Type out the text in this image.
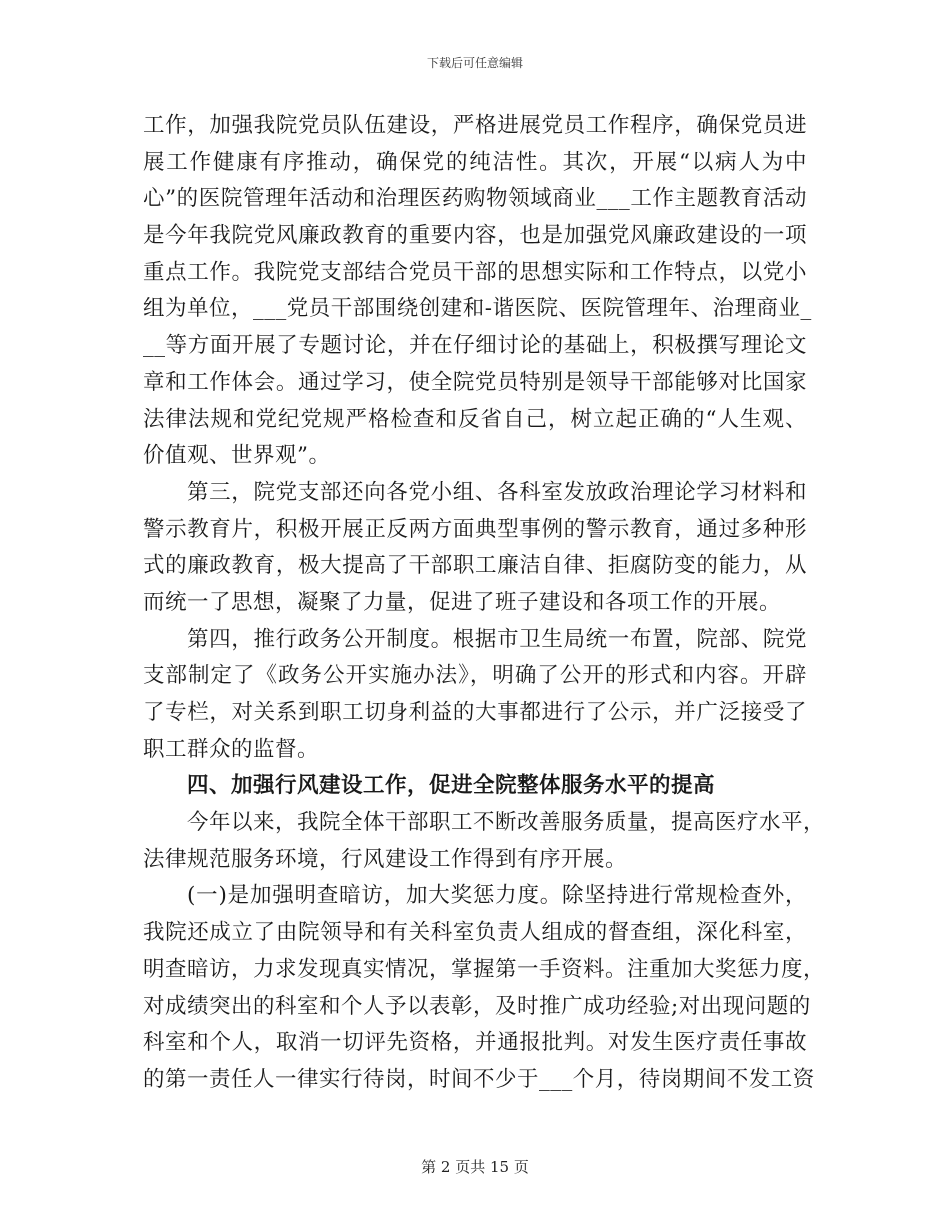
下载后可任意编辑
工作，加强我院党员队伍建设，严格进展党员工作程序，确保党员进
展工作健康有序推动，确保党的纯洁性。其次，开展“以病人为中
心”的医院管理年活动和治理医药购物领域商业___工作主题教育活动
是今年我院党风廉政教育的重要内容，也是加强党风廉政建设的一项
重点工作。我院党支部结合党员干部的思想实际和工作特点，以党小
组为单位，___党员干部围绕创建和-谐医院、医院管理年、治理商业_
__等方面开展了专题讨论，并在仔细讨论的基础上，积极撰写理论文
章和工作体会。通过学习，使全院党员特别是领导干部能够对比国家
法律法规和党纪党规严格检查和反省自己，树立起正确的“人生观、
价值观、世界观”。
第三，院党支部还向各党小组、各科室发放政治理论学习材料和
警示教育片，积极开展正反两方面典型事例的警示教育，通过多种形
式的廉政教育，极大提高了干部职工廉洁自律、拒腐防变的能力，从
而统一了思想，凝聚了力量，促进了班子建设和各项工作的开展。
第四，推行政务公开制度。根据市卫生局统一布置，院部、院党
支部制定了《政务公开实施办法》，明确了公开的形式和内容。开辟
了专栏，对关系到职工切身利益的大事都进行了公示，并广泛接受了
职工群众的监督。
四、加强行风建设工作，促进全院整体服务水平的提高
今年以来，我院全体干部职工不断改善服务质量，提高医疗水平，
法律规范服务环境，行风建设工作得到有序开展。
(一)是加强明查暗访，加大奖惩力度。除坚持进行常规检查外，
我院还成立了由院领导和有关科室负责人组成的督查组，深化科室，
明查暗访，力求发现真实情况，掌握第一手资料。注重加大奖惩力度，
对成绩突出的科室和个人予以表彰，及时推广成功经验;对出现问题的
科室和个人，取消一切评先资格，并通报批判。对发生医疗责任事故
的第一责任人一律实行待岗，时间不少于___个月，待岗期间不发工资
第 2 页共 15 页
